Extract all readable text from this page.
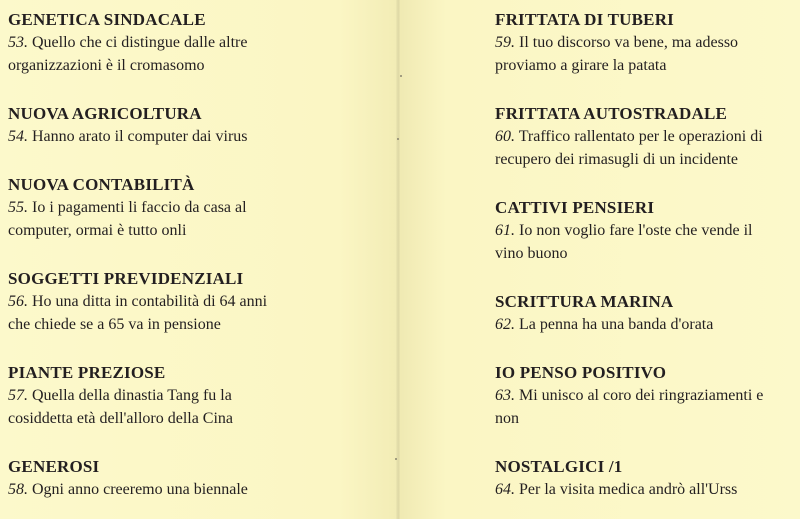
GENETICA SINDACALE

53. Quello che ci distingue dalle altre organizzazioni è il cromasomo

NUOVA AGRICOLTURA

54. Hanno arato il computer dai virus

NUOVA CONTABILITÀ

55. Io i pagamenti li faccio da casa al computer, ormai è tutto onli

SOGGETTI PREVIDENZIALI

56. Ho una ditta in contabilità di 64 anni che chiede se a 65 va in pensione

PIANTE PREZIOSE

57. Quella della dinastia Tang fu la cosiddetta età dell'alloro della Cina

GENEROSI

58. Ogni anno creeremo una biennale

FRITTATA DI TUBERI

59. Il tuo discorso va bene, ma adesso proviamo a girare la patata

FRITTATA AUTOSTRADALE

60. Traffico rallentato per le operazioni di recupero dei rimasugli di un incidente

CATTIVI PENSIERI

61. Io non voglio fare l'oste che vende il vino buono

SCRITTURA MARINA

62. La penna ha una banda d'orata

IO PENSO POSITIVO

63. Mi unisco al coro dei ringraziamenti e non

NOSTALGICI /1

64. Per la visita medica andrò all'Urss
